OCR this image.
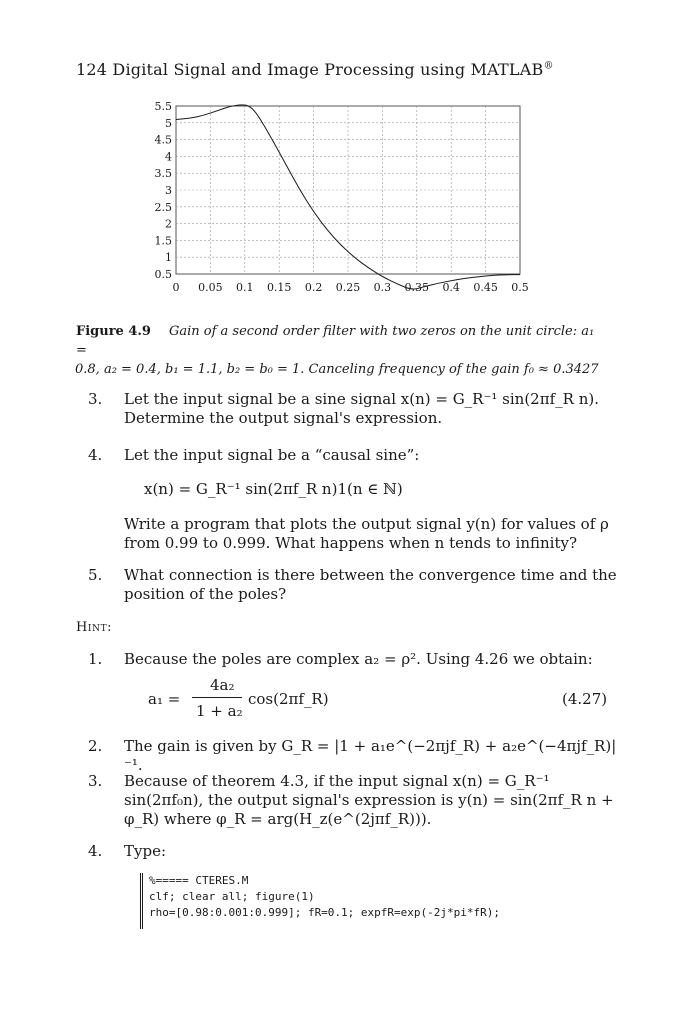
124 Digital Signal and Image Processing using MATLAB®
0 0.05 0.1 0.15 0.2 0.25 0.3 0.35 0.4 0.45 0.5
5.5
5
4.5
4
3.5
3
2.5
2
1.5
1
0.5
Figure 4.9 Gain of a second order filter with two zeros on the unit circle: a₁ =
0.8, a₂ = 0.4, b₁ = 1.1, b₂ = b₀ = 1. Canceling frequency of the gain f₀ ≈ 0.3427
3. Let the input signal be a sine signal x(n) = G_R⁻¹ sin(2πf_R n). Determine the output signal's expression.
4. Let the input signal be a “causal sine”:
x(n) = G_R⁻¹ sin(2πf_R n)1(n ∈ ℕ)
Write a program that plots the output signal y(n) for values of ρ from 0.99 to 0.999. What happens when n tends to infinity?
5. What connection is there between the convergence time and the position of the poles?
Hint:
1. Because the poles are complex a₂ = ρ². Using 4.26 we obtain:
a₁ =
4a₂
1 + a₂
cos(2πf_R)	(4.27)
2. The gain is given by G_R = |1 + a₁e^(−2πjf_R) + a₂e^(−4πjf_R)|⁻¹.
3. Because of theorem 4.3, if the input signal x(n) = G_R⁻¹ sin(2πf₀n), the output signal's expression is y(n) = sin(2πf_R n + φ_R) where φ_R = arg(H_z(e^(2jπf_R))).
4. Type:
%===== CTERES.M
clf; clear all; figure(1)
rho=[0.98:0.001:0.999]; fR=0.1; expfR=exp(-2j*pi*fR);
